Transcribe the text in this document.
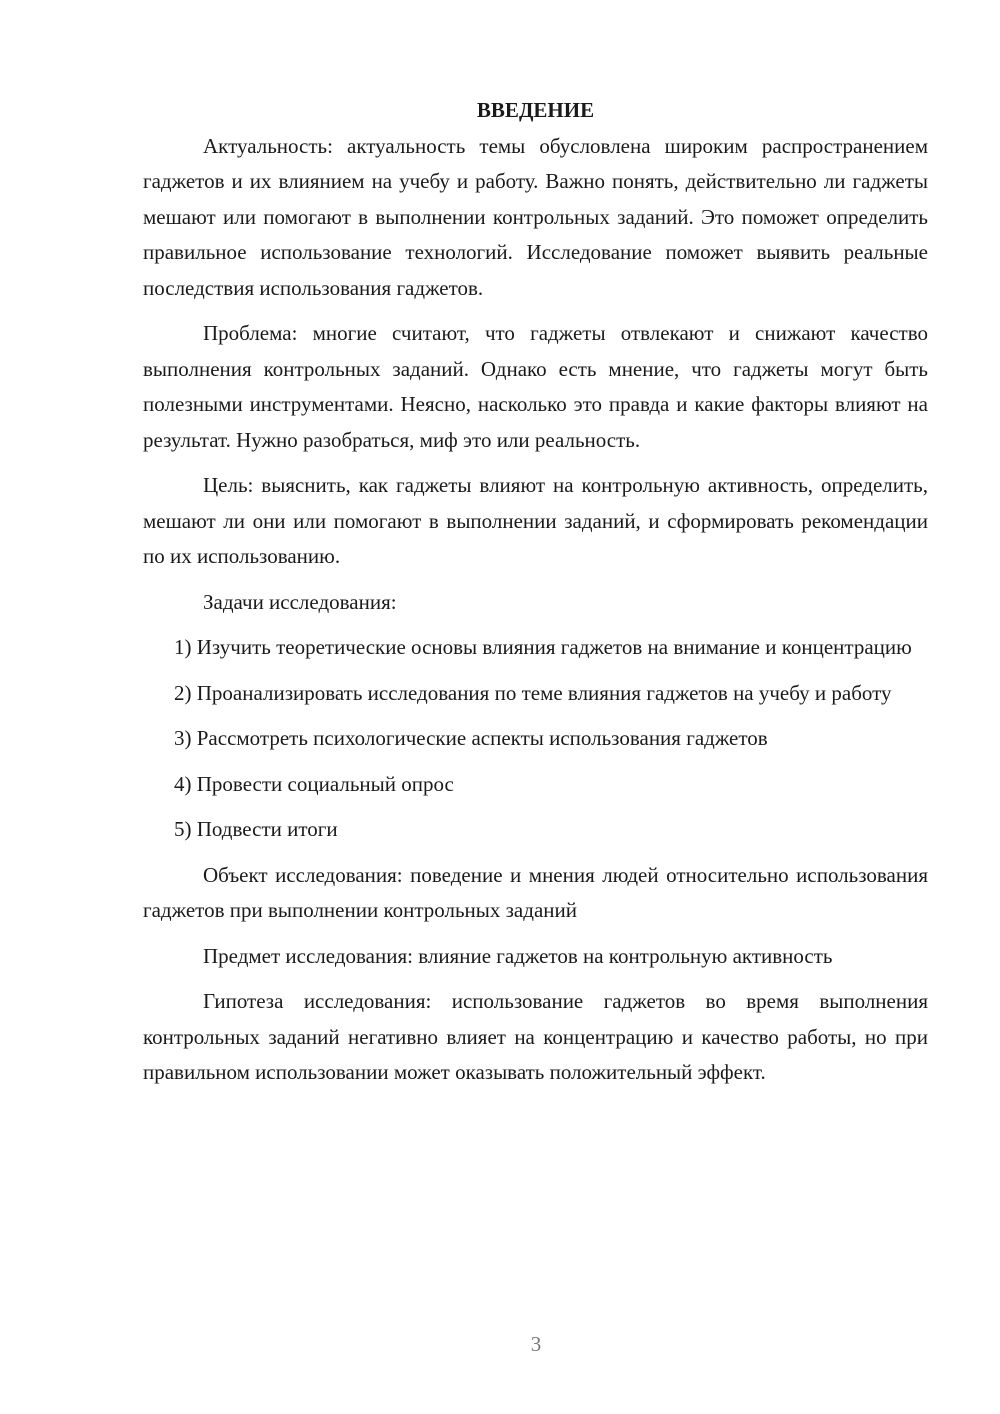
ВВЕДЕНИЕ

Актуальность: актуальность темы обусловлена широким распространением гаджетов и их влиянием на учебу и работу. Важно понять, действительно ли гаджеты мешают или помогают в выполнении контрольных заданий. Это поможет определить правильное использование технологий. Исследование поможет выявить реальные последствия использования гаджетов.

Проблема: многие считают, что гаджеты отвлекают и снижают качество выполнения контрольных заданий. Однако есть мнение, что гаджеты могут быть полезными инструментами. Неясно, насколько это правда и какие факторы влияют на результат. Нужно разобраться, миф это или реальность.

Цель: выяснить, как гаджеты влияют на контрольную активность, определить, мешают ли они или помогают в выполнении заданий, и сформировать рекомендации по их использованию.

Задачи исследования:

1) Изучить теоретические основы влияния гаджетов на внимание и концентрацию

2) Проанализировать исследования по теме влияния гаджетов на учебу и работу

3) Рассмотреть психологические аспекты использования гаджетов

4) Провести социальный опрос

5) Подвести итоги

Объект исследования: поведение и мнения людей относительно использования гаджетов при выполнении контрольных заданий

Предмет исследования: влияние гаджетов на контрольную активность

Гипотеза исследования: использование гаджетов во время выполнения контрольных заданий негативно влияет на концентрацию и качество работы, но при правильном использовании может оказывать положительный эффект.

3
